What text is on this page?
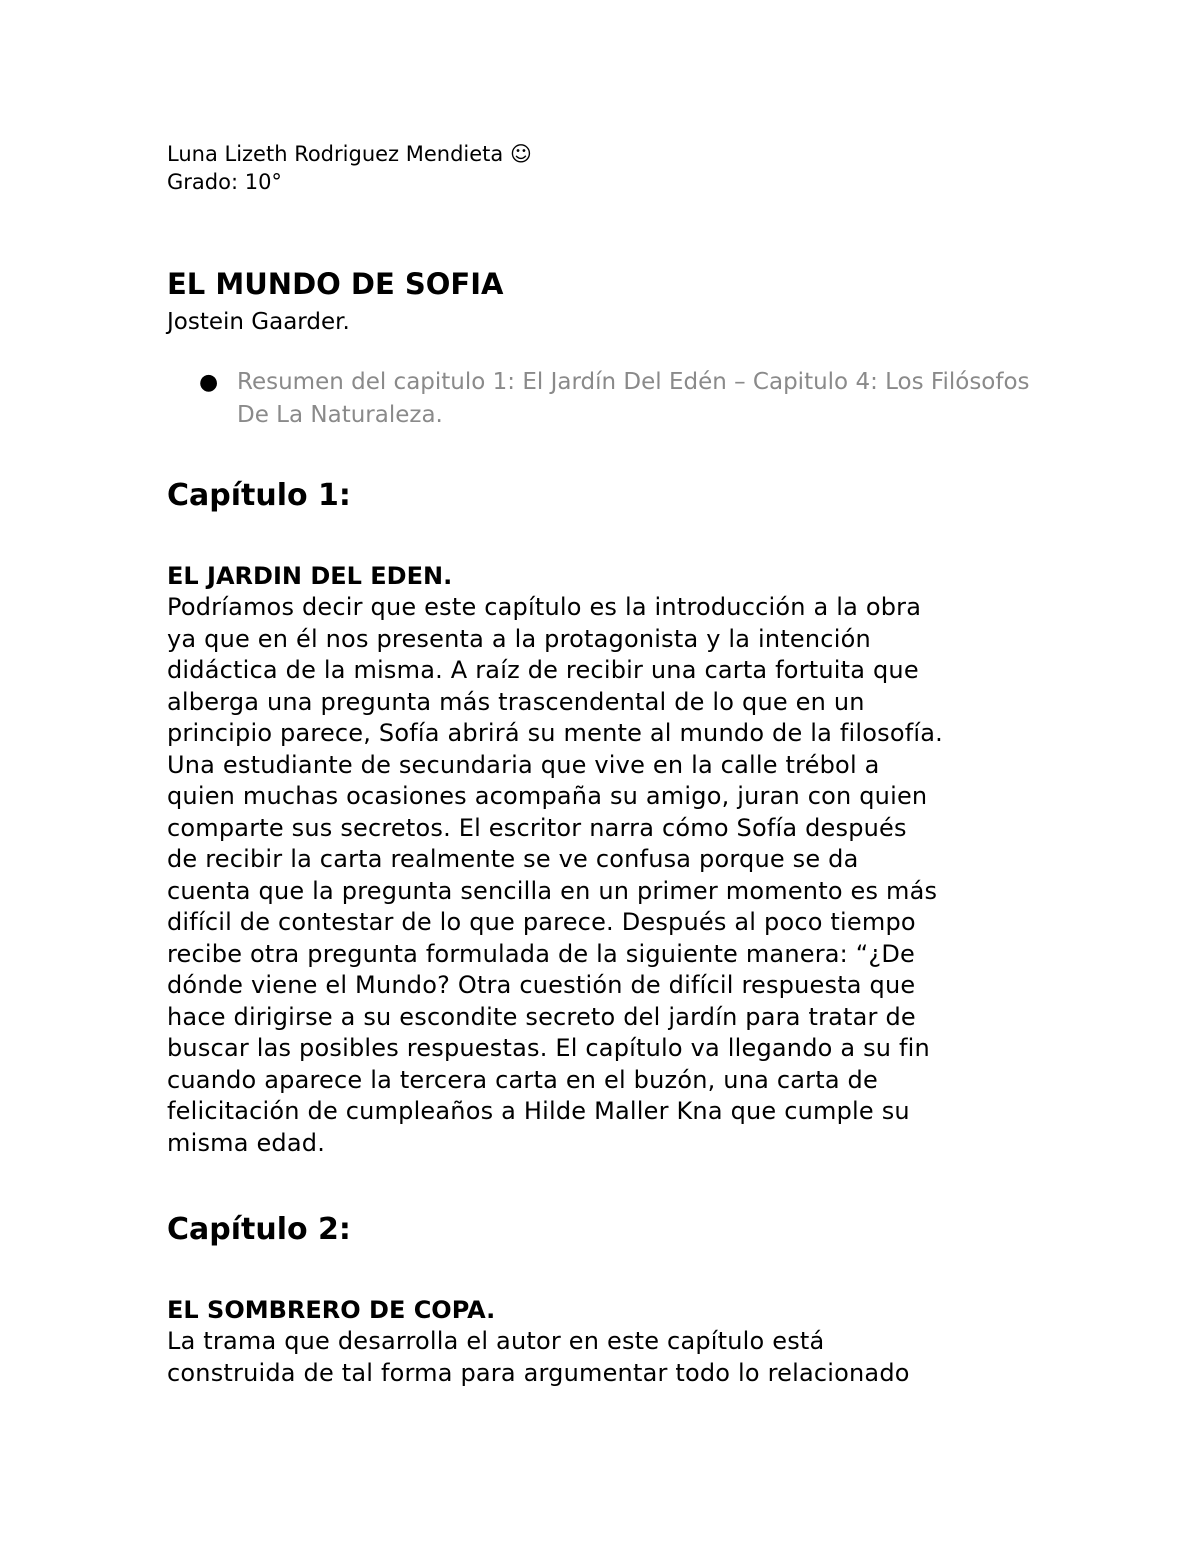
Luna Lizeth Rodriguez Mendieta ☺
Grado: 10°
EL MUNDO DE SOFIA
Jostein Gaarder.
● Resumen del capitulo 1: El Jardín Del Edén – Capitulo 4: Los Filósofos De La Naturaleza.
Capítulo 1:
EL JARDIN DEL EDEN.
Podríamos decir que este capítulo es la introducción a la obra
ya que en él nos presenta a la protagonista y la intención
didáctica de la misma. A raíz de recibir una carta fortuita que
alberga una pregunta más trascendental de lo que en un
principio parece, Sofía abrirá su mente al mundo de la filosofía.
Una estudiante de secundaria que vive en la calle trébol a
quien muchas ocasiones acompaña su amigo, juran con quien
comparte sus secretos. El escritor narra cómo Sofía después
de recibir la carta realmente se ve confusa porque se da
cuenta que la pregunta sencilla en un primer momento es más
difícil de contestar de lo que parece. Después al poco tiempo
recibe otra pregunta formulada de la siguiente manera: “¿De
dónde viene el Mundo? Otra cuestión de difícil respuesta que
hace dirigirse a su escondite secreto del jardín para tratar de
buscar las posibles respuestas. El capítulo va llegando a su fin
cuando aparece la tercera carta en el buzón, una carta de
felicitación de cumpleaños a Hilde Maller Kna que cumple su
misma edad.
Capítulo 2:
EL SOMBRERO DE COPA.
La trama que desarrolla el autor en este capítulo está
construida de tal forma para argumentar todo lo relacionado
